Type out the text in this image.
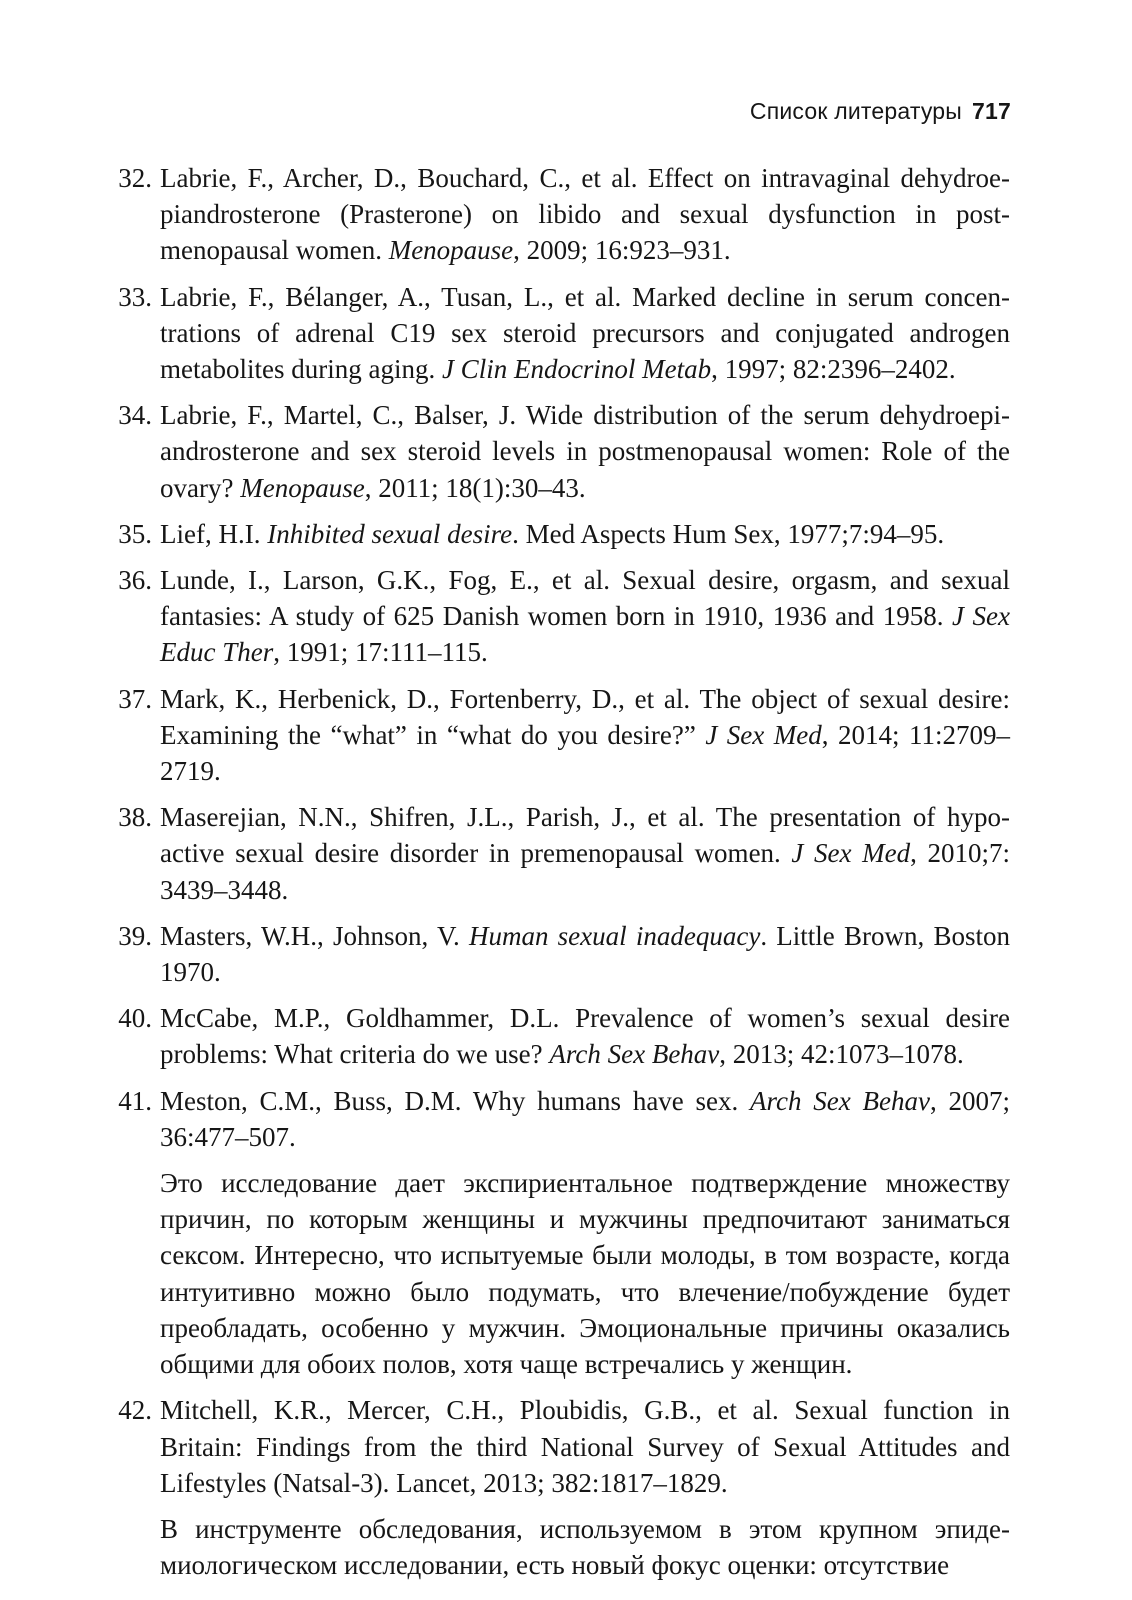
Список литературы 717
32. Labrie, F., Archer, D., Bouchard, C., et al. Effect on intravaginal dehydroepiandrosterone (Prasterone) on libido and sexual dysfunction in postmenopausal women. Menopause, 2009; 16:923–931.
33. Labrie, F., Bélanger, A., Tusan, L., et al. Marked decline in serum concentrations of adrenal C19 sex steroid precursors and conjugated androgen metabolites during aging. J Clin Endocrinol Metab, 1997; 82:2396–2402.
34. Labrie, F., Martel, C., Balser, J. Wide distribution of the serum dehydroepiandrosterone and sex steroid levels in postmenopausal women: Role of the ovary? Menopause, 2011; 18(1):30–43.
35. Lief, H.I. Inhibited sexual desire. Med Aspects Hum Sex, 1977;7:94–95.
36. Lunde, I., Larson, G.K., Fog, E., et al. Sexual desire, orgasm, and sexual fantasies: A study of 625 Danish women born in 1910, 1936 and 1958. J Sex Educ Ther, 1991; 17:111–115.
37. Mark, K., Herbenick, D., Fortenberry, D., et al. The object of sexual desire: Examining the “what” in “what do you desire?” J Sex Med, 2014; 11:2709–2719.
38. Maserejian, N.N., Shifren, J.L., Parish, J., et al. The presentation of hypoactive sexual desire disorder in premenopausal women. J Sex Med, 2010;7: 3439–3448.
39. Masters, W.H., Johnson, V. Human sexual inadequacy. Little Brown, Boston 1970.
40. McCabe, M.P., Goldhammer, D.L. Prevalence of women’s sexual desire problems: What criteria do we use? Arch Sex Behav, 2013; 42:1073–1078.
41. Meston, C.M., Buss, D.M. Why humans have sex. Arch Sex Behav, 2007; 36:477–507.
Это исследование дает экспириентальное подтверждение множеству причин, по которым женщины и мужчины предпочитают заниматься сексом. Интересно, что испытуемые были молоды, в том возрасте, когда интуитивно можно было подумать, что влечение/побуждение будет преобладать, особенно у мужчин. Эмоциональные причины оказались общими для обоих полов, хотя чаще встречались у женщин.
42. Mitchell, K.R., Mercer, C.H., Ploubidis, G.B., et al. Sexual function in Britain: Findings from the third National Survey of Sexual Attitudes and Lifestyles (Natsal-3). Lancet, 2013; 382:1817–1829.
В инструменте обследования, используемом в этом крупном эпидемиологическом исследовании, есть новый фокус оценки: отсутствие
